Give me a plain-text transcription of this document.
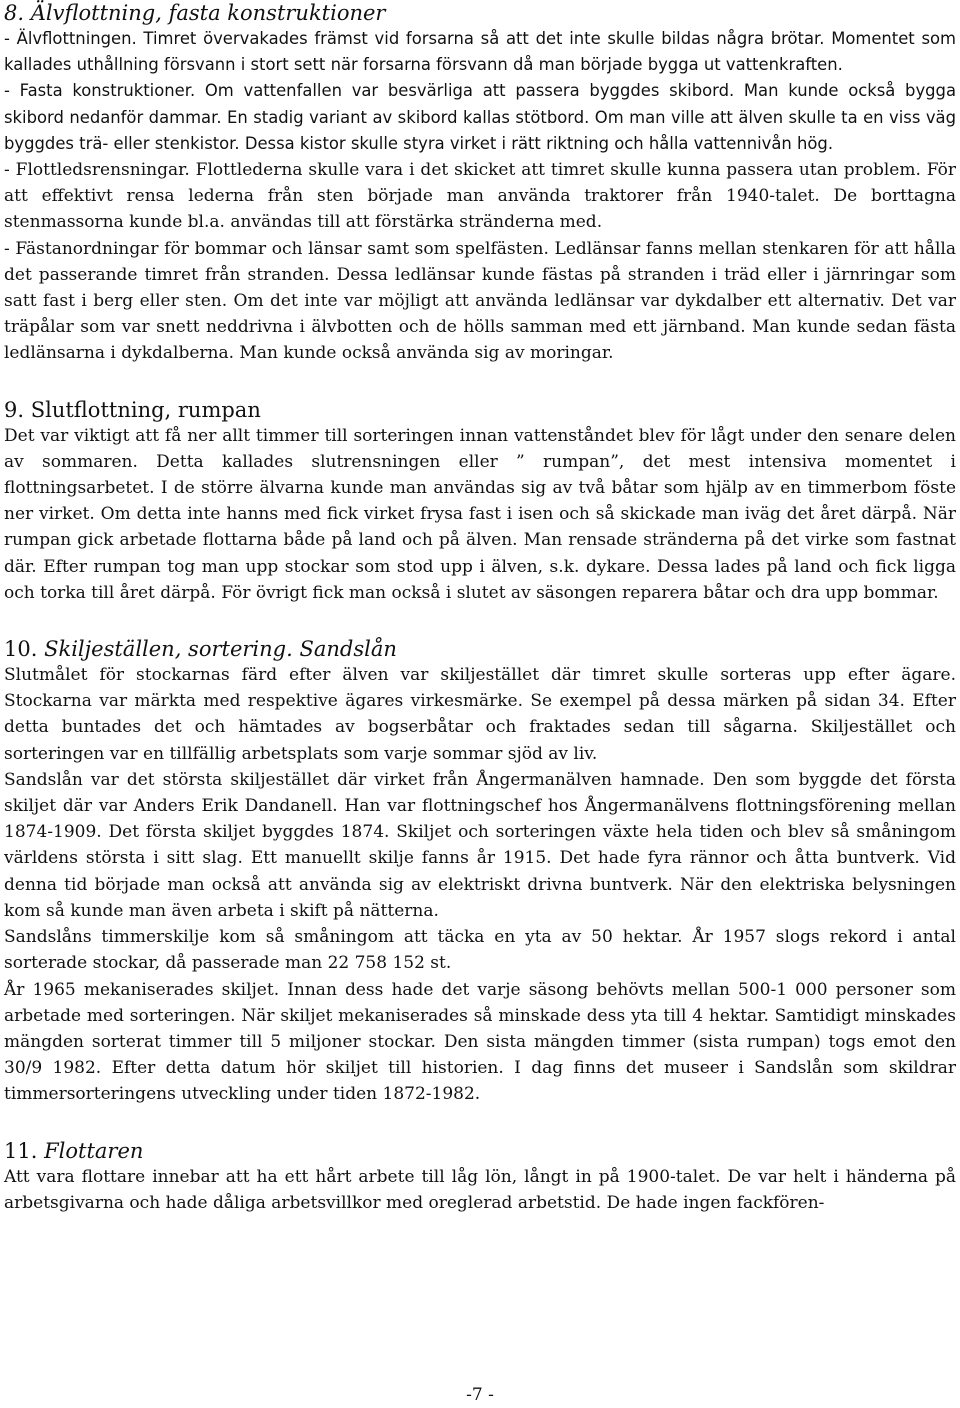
8. Älvflottning, fasta konstruktioner

- Älvflottningen. Timret övervakades främst vid forsarna så att det inte skulle bildas några brötar. Momentet som kallades uthållning försvann i stort sett när forsarna försvann då man började bygga ut vattenkraften.

- Fasta konstruktioner. Om vattenfallen var besvärliga att passera byggdes skibord. Man kunde också bygga skibord nedanför dammar. En stadig variant av skibord kallas stötbord. Om man ville att älven skulle ta en viss väg byggdes trä- eller stenkistor. Dessa kistor skulle styra virket i rätt riktning och hålla vattennivån hög.

- Flottledsrensningar. Flottlederna skulle vara i det skicket att timret skulle kunna passera utan problem. För att effektivt rensa lederna från sten började man använda traktorer från 1940-talet. De borttagna stenmassorna kunde bl.a. användas till att förstärka stränderna med.

- Fästanordningar för bommar och länsar samt som spelfästen. Ledlänsar fanns mellan stenkaren för att hålla det passerande timret från stranden. Dessa ledlänsar kunde fästas på stranden i träd eller i järnringar som satt fast i berg eller sten. Om det inte var möjligt att använda ledlänsar var dykdalber ett alternativ. Det var träpålar som var snett neddrivna i älvbotten och de hölls samman med ett järnband. Man kunde sedan fästa ledlänsarna i dykdalberna. Man kunde också använda sig av moringar.

9. Slutflottning, rumpan

Det var viktigt att få ner allt timmer till sorteringen innan vattenståndet blev för lågt under den senare delen av sommaren. Detta kallades slutrensningen eller ” rumpan”, det mest intensiva momentet i flottningsarbetet. I de större älvarna kunde man användas sig av två båtar som hjälp av en timmerbom föste ner virket. Om detta inte hanns med fick virket frysa fast i isen och så skickade man iväg det året därpå. När rumpan gick arbetade flottarna både på land och på älven. Man rensade stränderna på det virke som fastnat där. Efter rumpan tog man upp stockar som stod upp i älven, s.k. dykare. Dessa lades på land och fick ligga och torka till året därpå. För övrigt fick man också i slutet av säsongen reparera båtar och dra upp bommar.

10. Skiljeställen, sortering. Sandslån

Slutmålet för stockarnas färd efter älven var skiljestället där timret skulle sorteras upp efter ägare. Stockarna var märkta med respektive ägares virkesmärke. Se exempel på dessa märken på sidan 34. Efter detta buntades det och hämtades av bogserbåtar och fraktades sedan till sågarna. Skiljestället och sorteringen var en tillfällig arbetsplats som varje sommar sjöd av liv.

Sandslån var det största skiljestället där virket från Ångermanälven hamnade. Den som byggde det första skiljet där var Anders Erik Dandanell. Han var flottningschef hos Ångermanälvens flottningsförening mellan 1874-1909. Det första skiljet byggdes 1874. Skiljet och sorteringen växte hela tiden och blev så småningom världens största i sitt slag. Ett manuellt skilje fanns år 1915. Det hade fyra rännor och åtta buntverk. Vid denna tid började man också att använda sig av elektriskt drivna buntverk. När den elektriska belysningen kom så kunde man även arbeta i skift på nätterna.

Sandslåns timmerskilje kom så småningom att täcka en yta av 50 hektar. År 1957 slogs rekord i antal sorterade stockar, då passerade man 22 758 152 st.

År 1965 mekaniserades skiljet. Innan dess hade det varje säsong behövts mellan 500-1 000 personer som arbetade med sorteringen. När skiljet mekaniserades så minskade dess yta till 4 hektar. Samtidigt minskades mängden sorterat timmer till 5 miljoner stockar. Den sista mängden timmer (sista rumpan) togs emot den 30/9 1982. Efter detta datum hör skiljet till historien. I dag finns det museer i Sandslån som skildrar timmersorteringens utveckling under tiden 1872-1982.

11. Flottaren

Att vara flottare innebar att ha ett hårt arbete till låg lön, långt in på 1900-talet. De var helt i händerna på arbetsgivarna och hade dåliga arbetsvillkor med oreglerad arbetstid. De hade ingen fackfören-

-7 -
